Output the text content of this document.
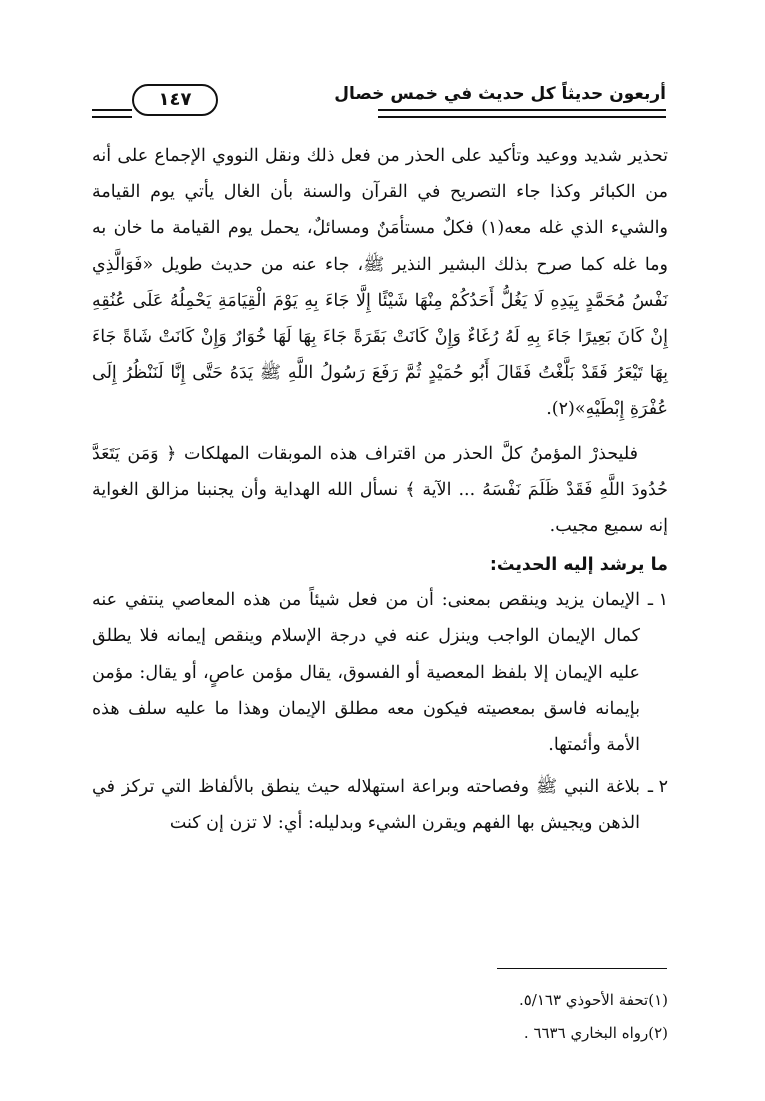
أربعون حديثاً كل حديث في خمس خصال
١٤٧

تحذير شديد ووعيد وتأكيد على الحذر من فعل ذلك ونقل النووي الإجماع على أنه من الكبائر وكذا جاء التصريح في القرآن والسنة بأن الغال يأتي يوم القيامة والشيء الذي غله معه(١) فكلٌ مستأمَنٌ ومسائلٌ، يحمل يوم القيامة ما خان به وما غله كما صرح بذلك البشير النذير ﷺ، جاء عنه من حديث طويل «فَوَالَّذِي نَفْسُ مُحَمَّدٍ بِيَدِهِ لَا يَغُلُّ أَحَدُكُمْ مِنْهَا شَيْئًا إِلَّا جَاءَ بِهِ يَوْمَ الْقِيَامَةِ يَحْمِلُهُ عَلَى عُنُقِهِ إِنْ كَانَ بَعِيرًا جَاءَ بِهِ لَهُ رُغَاءٌ وَإِنْ كَانَتْ بَقَرَةً جَاءَ بِهَا لَهَا خُوَارٌ وَإِنْ كَانَتْ شَاةً جَاءَ بِهَا تَيْعَرُ فَقَدْ بَلَّغْتُ فَقَالَ أَبُو حُمَيْدٍ ثُمَّ رَفَعَ رَسُولُ اللَّهِ ﷺ يَدَهُ حَتَّى إِنَّا لَنَنْظُرُ إِلَى عُفْرَةِ إِبْطَيْهِ»(٢).

فليحذرْ المؤمنُ كلَّ الحذر من اقتراف هذه الموبقات المهلكات ﴿ وَمَن يَتَعَدَّ حُدُودَ اللَّهِ فَقَدْ ظَلَمَ نَفْسَهُ ... الآية ﴾ نسأل الله الهداية وأن يجنبنا مزالق الغواية إنه سميع مجيب.

ما يرشد إليه الحديث:

١ ـ
الإيمان يزيد وينقص بمعنى: أن من فعل شيئاً من هذه المعاصي ينتفي عنه كمال الإيمان الواجب وينزل عنه في درجة الإسلام وينقص إيمانه فلا يطلق عليه الإيمان إلا بلفظ المعصية أو الفسوق، يقال مؤمن عاصٍ، أو يقال: مؤمن بإيمانه فاسق بمعصيته فيكون معه مطلق الإيمان وهذا ما عليه سلف هذه الأمة وأئمتها.

٢ ـ
بلاغة النبي ﷺ وفصاحته وبراعة استهلاله حيث ينطق بالألفاظ التي تركز في الذهن ويجيش بها الفهم ويقرن الشيء وبدليله: أي: لا تزن إن كنت

(١)تحفة الأحوذي ٥/١٦٣.

(٢)رواه البخاري ٦٦٣٦ .
